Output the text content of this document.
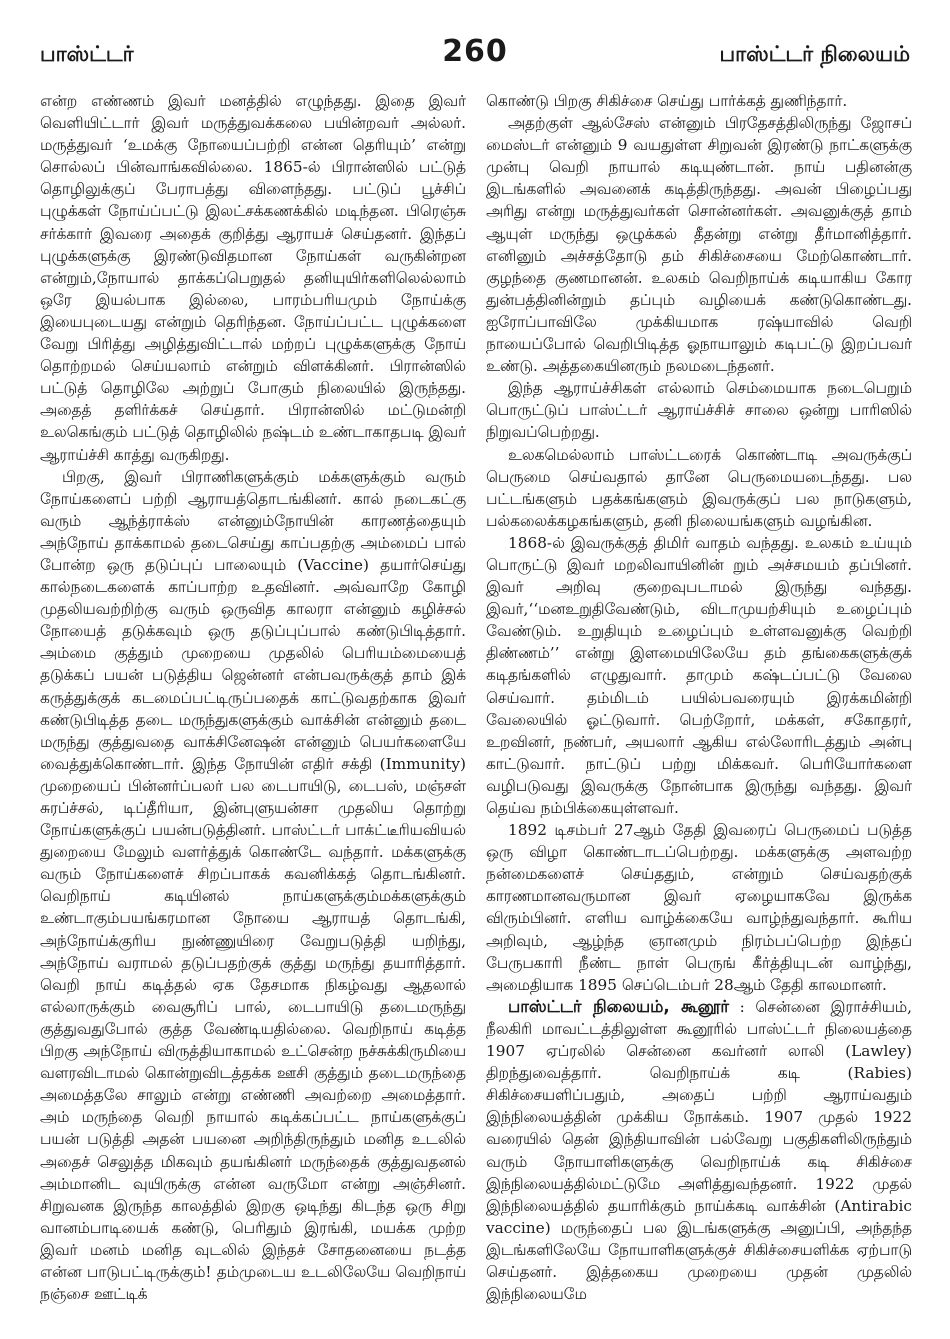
பாஸ்ட்டர்	260	பாஸ்ட்டர் நிலையம்

என்ற எண்ணம் இவர் மனத்தில் எழுந்தது. இதை இவர் வெளியிட்டார் இவர் மருத்துவக்கலை பயின்றவர் அல்லர். மருத்துவர் ‘உமக்கு நோயைப்பற்றி என்ன தெரியும்’ என்று சொல்லப் பின்வாங்கவில்லை. 1865-ல் பிரான்ஸில் பட்டுத் தொழிலுக்குப் பேராபத்து விளைந்தது. பட்டுப் பூச்சிப் புழுக்கள் நோய்ப்பட்டு இலட்சக்கணக்கில் மடிந்தன. பிரெஞ்சு சர்க்கார் இவரை அதைக் குறித்து ஆராயச் செய்தனர். இந்தப் புழுக்களுக்கு இரண்டுவிதமான நோய்கள் வருகின்றன என்றும்,நோயால் தாக்கப்பெறுதல் தனியுயிர்களிலெல்லாம் ஒரே இயல்பாக இல்லை, பாரம்பரியமும் நோய்க்கு இயைபுடையது என்றும் தெரிந்தன. நோய்ப்பட்ட புழுக்களை வேறு பிரித்து அழித்துவிட்டால் மற்றப் புழுக்களுக்கு நோய் தொற்றமல் செய்யலாம் என்றும் விளக்கினர். பிரான்ஸில் பட்டுத் தொழிலே அற்றுப் போகும் நிலையில் இருந்தது. அதைத் தளிர்க்கச் செய்தார். பிரான்ஸில் மட்டுமன்றி உலகெங்கும் பட்டுத் தொழிலில் நஷ்டம் உண்டாகாதபடி இவர் ஆராய்ச்சி காத்து வருகிறது.

பிறகு, இவர் பிராணிகளுக்கும் மக்களுக்கும் வரும் நோய்களைப் பற்றி ஆராயத்தொடங்கினர். கால் நடைகட்கு வரும் ஆந்த்ராக்ஸ் என்னும்நோயின் காரணத்தையும் அந்நோய் தாக்காமல் தடைசெய்து காப்பதற்கு அம்மைப் பால் போன்ற ஒரு தடுப்புப் பாலையும் (Vaccine) தயார்செய்து கால்நடைகளைக் காப்பாற்ற உதவினர். அவ்வாறே கோழி முதலியவற்றிற்கு வரும் ஒருவித காலரா என்னும் கழிச்சல் நோயைத் தடுக்கவும் ஒரு தடுப்புப்பால் கண்டுபிடித்தார். அம்மை குத்தும் முறையை முதலில் பெரியம்மையைத் தடுக்கப் பயன் படுத்திய ஜென்னர் என்பவருக்குத் தாம் இக் கருத்துக்குக் கடமைப்பட்டிருப்பதைக் காட்டுவதற்காக இவர் கண்டுபிடித்த தடை மருந்துகளுக்கும் வாக்சின் என்னும் தடை மருந்து குத்துவதை வாக்சினேஷன் என்னும் பெயர்களையே வைத்துக்கொண்டார். இந்த நோயின் எதிர் சக்தி (Immunity) முறையைப் பின்னர்ப்பலர் பல டைபாயிடு, டைபஸ், மஞ்சள் சுரப்ச்சல், டிப்தீரியா, இன்புளுயன்சா முதலிய தொற்று நோய்களுக்குப் பயன்படுத்தினர். பாஸ்ட்டர் பாக்ட்டீரியவியல் துறையை மேலும் வளர்த்துக் கொண்டே வந்தார். மக்களுக்கு வரும் நோய்களைச் சிறப்பாகக் கவனிக்கத் தொடங்கினர். வெறிநாய் கடியினல் நாய்களுக்கும்மக்களுக்கும் உண்டாகும்பயங்கரமான நோயை ஆராயத் தொடங்கி, அந்நோய்க்குரிய நுண்ணுயிரை வேறுபடுத்தி யறிந்து, அந்நோய் வராமல் தடுப்பதற்குக் குத்து மருந்து தயாரித்தார். வெறி நாய் கடித்தல் ஏக தேசமாக நிகழ்வது ஆதலால் எல்லாருக்கும் வைசூரிப் பால், டைபாயிடு தடைமருந்து குத்துவதுபோல் குத்த வேண்டியதில்லை. வெறிநாய் கடித்த பிறகு அந்நோய் விருத்தியாகாமல் உட்சென்ற நச்சுக்கிருமியை வளரவிடாமல் கொன்றுவிடத்தக்க ஊசி குத்தும் தடைமருந்தை அமைத்தலே சாலும் என்று எண்ணி அவற்றை அமைத்தார். அம் மருந்தை வெறி நாயால் கடிக்கப்பட்ட நாய்களுக்குப் பயன் படுத்தி அதன் பயனை அறிந்திருந்தும் மனித உடலில் அதைச் செலுத்த மிகவும் தயங்கினர் மருந்தைக் குத்துவதனல் அம்மானிட வுயிருக்கு என்ன வருமோ என்று அஞ்சினர். சிறுவனக இருந்த காலத்தில் இறகு ஒடிந்து கிடந்த ஒரு சிறு வானம்பாடியைக் கண்டு, பெரிதும் இரங்கி, மயக்க முற்ற இவர் மனம் மனித வுடலில் இந்தச் சோதனையை நடத்த என்ன பாடுபட்டிருக்கும்! தம்முடைய உடலிலேயே வெறிநாய் நஞ்சை ஊட்டிக்

கொண்டு பிறகு சிகிச்சை செய்து பார்க்கத் துணிந்தார்.

அதற்குள் ஆல்சேஸ் என்னும் பிரதேசத்திலிருந்து ஜோசப் மைஸ்டர் என்னும் 9 வயதுள்ள சிறுவன் இரண்டு நாட்களுக்கு முன்பு வெறி நாயால் கடியுண்டான். நாய் பதினன்கு இடங்களில் அவனைக் கடித்திருந்தது. அவன் பிழைப்பது அரிது என்று மருத்துவர்கள் சொன்னர்கள். அவனுக்குத் தாம் ஆயுள் மருந்து ஒழுக்கல் தீதன்று என்று தீர்மானித்தார். எனினும் அச்சத்தோடு தம் சிகிச்சையை மேற்கொண்டார். குழந்தை குணமானன். உலகம் வெறிநாய்க் கடியாகிய கோர துன்பத்தினின்றும் தப்பும் வழியைக் கண்டுகொண்டது. ஐரோப்பாவிலே முக்கியமாக ரஷ்யாவில் வெறி நாயைப்போல் வெறிபிடித்த ஓநாயாலும் கடிபட்டு இறப்பவர் உண்டு. அத்தகையினரும் நலமடைந்தனர்.

இந்த ஆராய்ச்சிகள் எல்லாம் செம்மையாக நடைபெறும் பொருட்டுப் பாஸ்ட்டர் ஆராய்ச்சிச் சாலை ஒன்று பாரிஸில் நிறுவப்பெற்றது.

உலகமெல்லாம் பாஸ்ட்டரைக் கொண்டாடி அவருக்குப் பெருமை செய்வதால் தானே பெருமையடைந்தது. பல பட்டங்களும் பதக்கங்களும் இவருக்குப் பல நாடுகளும், பல்கலைக்கழகங்களும், தனி நிலையங்களும் வழங்கின.

1868-ல் இவருக்குத் திமிர் வாதம் வந்தது. உலகம் உய்யும் பொருட்டு இவர் மறலிவாயினின் றும் அச்சமயம் தப்பினர். இவர் அறிவு குறைவுபடாமல் இருந்து வந்தது. இவர்,‘‘மனஉறுதிவேண்டும், விடாமுயற்சியும் உழைப்பும் வேண்டும். உறுதியும் உழைப்பும் உள்ளவனுக்கு வெற்றி திண்ணம்’’ என்று இளமையிலேயே தம் தங்கைகளுக்குக் கடிதங்களில் எழுதுவார். தாமும் கஷ்டப்பட்டு வேலை செய்வார். தம்மிடம் பயில்பவரையும் இரக்கமின்றி வேலையில் ஓட்டுவார். பெற்றோர், மக்கள், சகோதரர், உறவினர், நண்பர், அயலார் ஆகிய எல்லோரிடத்தும் அன்பு காட்டுவார். நாட்டுப் பற்று மிக்கவர். பெரியோர்களை வழிபடுவது இவருக்கு நோன்பாக இருந்து வந்தது. இவர் தெய்வ நம்பிக்கையுள்ளவர்.

1892 டிசம்பர் 27ஆம் தேதி இவரைப் பெருமைப் படுத்த ஒரு விழா கொண்டாடப்பெற்றது. மக்களுக்கு அளவற்ற நன்மைகளைச் செய்ததும், என்றும் செய்வதற்குக் காரணமானவருமான இவர் ஏழையாகவே இருக்க விரும்பினர். எளிய வாழ்க்கையே வாழ்ந்துவந்தார். கூரிய அறிவும், ஆழ்ந்த ஞானமும் நிரம்பப்பெற்ற இந்தப் பேருபகாரி நீண்ட நாள் பெருங் கீர்த்தியுடன் வாழ்ந்து, அமைதியாக 1895 செப்டெம்பர் 28ஆம் தேதி காலமானர்.

பாஸ்ட்டர் நிலையம், கூனூர் : சென்னை இராச்சியம், நீலகிரி மாவட்டத்திலுள்ள கூனூரில் பாஸ்ட்டர் நிலையத்தை 1907 ஏப்ரலில் சென்னை கவர்னர் லாலி (Lawley) திறந்துவைத்தார். வெறிநாய்க் கடி (Rabies) சிகிச்சையளிப்பதும், அதைப் பற்றி ஆராய்வதும் இந்நிலையத்தின் முக்கிய நோக்கம். 1907 முதல் 1922 வரையில் தென் இந்தியாவின் பல்வேறு பகுதிகளிலிருந்தும் வரும் நோயாளிகளுக்கு வெறிநாய்க் கடி சிகிச்சை இந்நிலையத்தில்மட்டுமே அளித்துவந்தனர். 1922 முதல் இந்நிலையத்தில் தயாரிக்கும் நாய்க்கடி வாக்சின் (Antirabic vaccine) மருந்தைப் பல இடங்களுக்கு அனுப்பி, அந்தந்த இடங்களிலேயே நோயாளிகளுக்குச் சிகிச்சையளிக்க ஏற்பாடு செய்தனர். இத்தகைய முறையை முதன் முதலில் இந்நிலையமே
